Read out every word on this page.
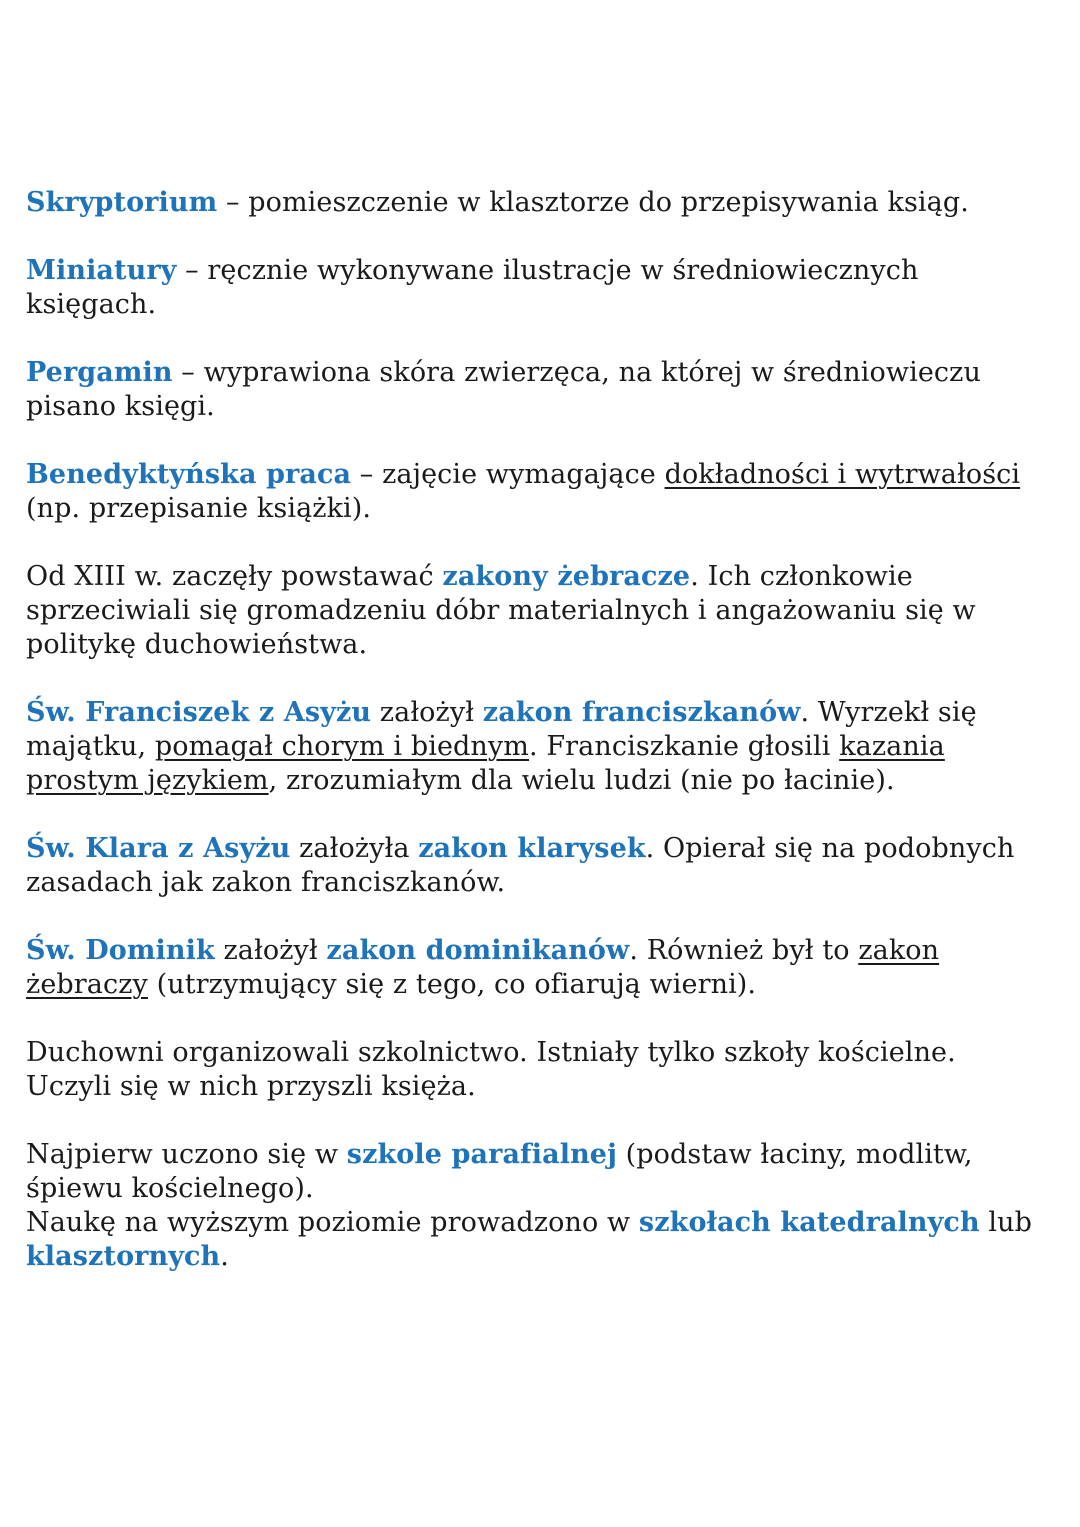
Skryptorium – pomieszczenie w klasztorze do przepisywania ksiąg.

Miniatury – ręcznie wykonywane ilustracje w średniowiecznych
księgach.

Pergamin – wyprawiona skóra zwierzęca, na której w średniowieczu
pisano księgi.

Benedyktyńska praca – zajęcie wymagające dokładności i wytrwałości
(np. przepisanie książki).

Od XIII w. zaczęły powstawać zakony żebracze. Ich członkowie
sprzeciwiali się gromadzeniu dóbr materialnych i angażowaniu się w
politykę duchowieństwa.

Św. Franciszek z Asyżu założył zakon franciszkanów. Wyrzekł się
majątku, pomagał chorym i biednym. Franciszkanie głosili kazania
prostym językiem, zrozumiałym dla wielu ludzi (nie po łacinie).

Św. Klara z Asyżu założyła zakon klarysek. Opierał się na podobnych
zasadach jak zakon franciszkanów.

Św. Dominik założył zakon dominikanów. Również był to zakon
żebraczy (utrzymujący się z tego, co ofiarują wierni).

Duchowni organizowali szkolnictwo. Istniały tylko szkoły kościelne.
Uczyli się w nich przyszli księża.

Najpierw uczono się w szkole parafialnej (podstaw łaciny, modlitw,
śpiewu kościelnego).
Naukę na wyższym poziomie prowadzono w szkołach katedralnych lub
klasztornych.
